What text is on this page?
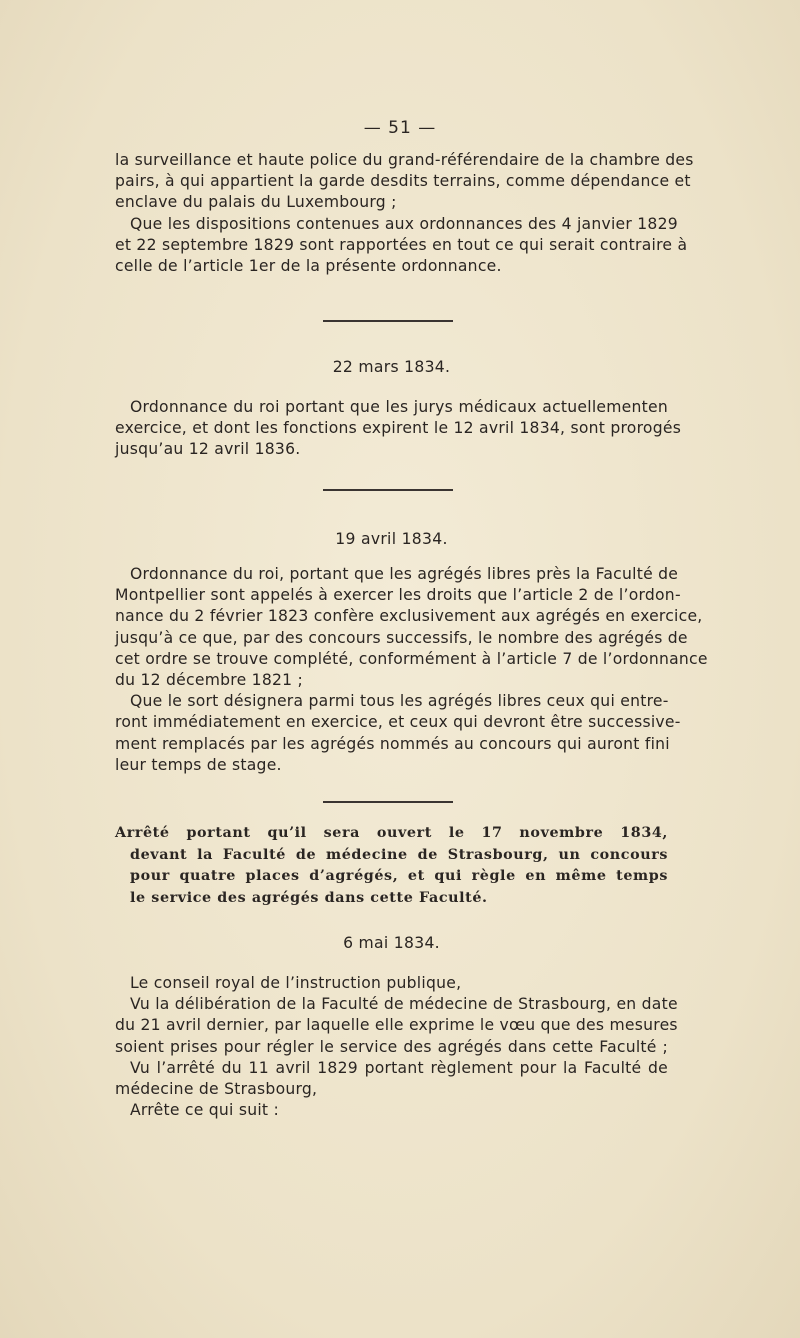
— 51 —
la surveillance et haute police du grand-référendaire de la chambre des
pairs, à qui appartient la garde desdits terrains, comme dépendance et
enclave du palais du Luxembourg ;
Que les dispositions contenues aux ordonnances des 4 janvier 1829
et 22 septembre 1829 sont rapportées en tout ce qui serait contraire à
celle de l’article 1er de la présente ordonnance.
22 mars 1834.
Ordonnance du roi portant que les jurys médicaux actuellementen
exercice, et dont les fonctions expirent le 12 avril 1834, sont prorogés
jusqu’au 12 avril 1836.
19 avril 1834.
Ordonnance du roi, portant que les agrégés libres près la Faculté de
Montpellier sont appelés à exercer les droits que l’article 2 de l’ordon-
nance du 2 février 1823 confère exclusivement aux agrégés en exercice,
jusqu’à ce que, par des concours successifs, le nombre des agrégés de
cet ordre se trouve complété, conformément à l’article 7 de l’ordonnance
du 12 décembre 1821 ;
Que le sort désignera parmi tous les agrégés libres ceux qui entre-
ront immédiatement en exercice, et ceux qui devront être successive-
ment remplacés par les agrégés nommés au concours qui auront fini
leur temps de stage.
Arrêté portant qu’il sera ouvert le 17 novembre 1834,
devant la Faculté de médecine de Strasbourg, un concours
pour quatre places d’agrégés, et qui règle en même temps
le service des agrégés dans cette Faculté.
6 mai 1834.
Le conseil royal de l’instruction publique,
Vu la délibération de la Faculté de médecine de Strasbourg, en date
du 21 avril dernier, par laquelle elle exprime le vœu que des mesures
soient prises pour régler le service des agrégés dans cette Faculté ;
Vu l’arrêté du 11 avril 1829 portant règlement pour la Faculté de
médecine de Strasbourg,
Arrête ce qui suit :
